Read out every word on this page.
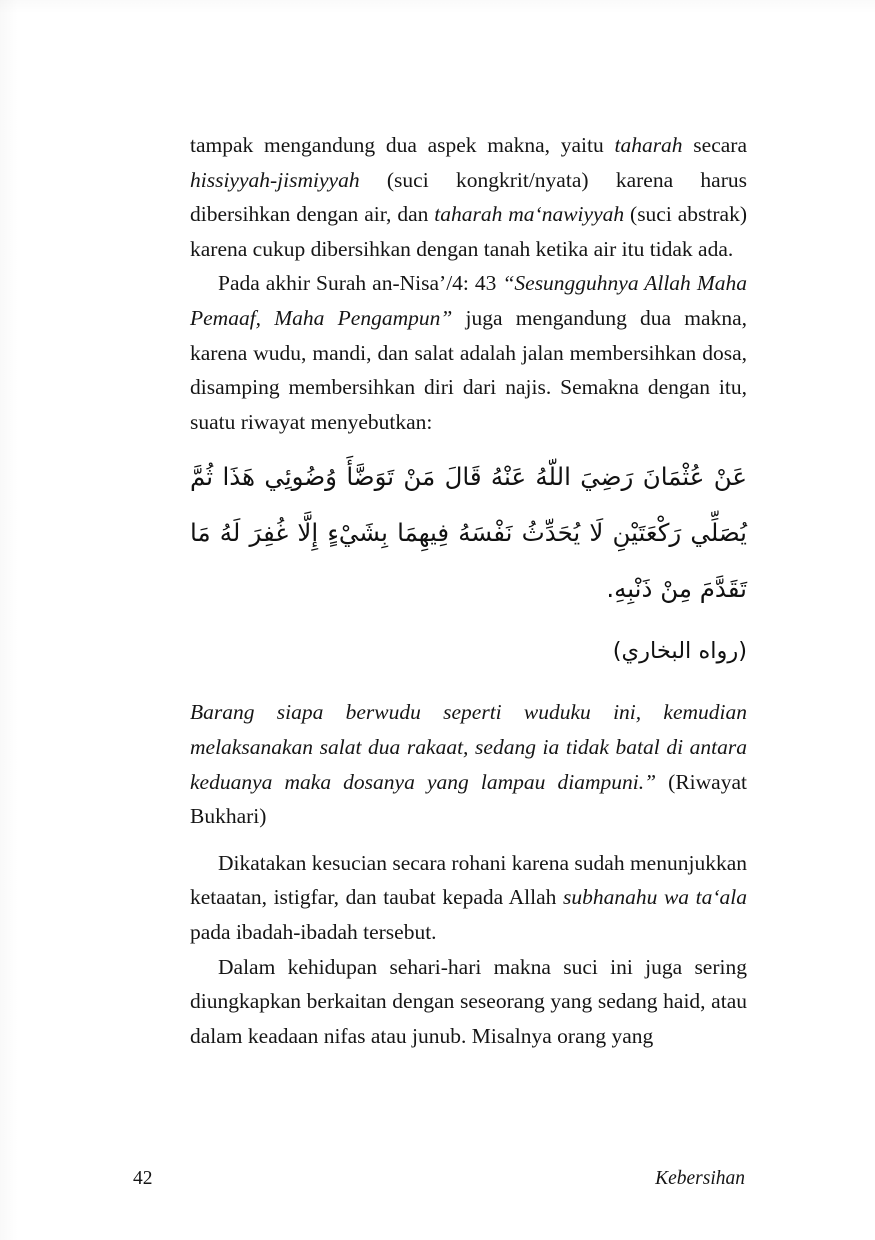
tampak mengandung dua aspek makna, yaitu taharah secara hissiyyah-jismiyyah (suci kongkrit/nyata) karena harus dibersihkan dengan air, dan taharah ma‘nawiyyah (suci abstrak) karena cukup dibersihkan dengan tanah ketika air itu tidak ada.

Pada akhir Surah an-Nisa’/4: 43 “Sesungguhnya Allah Maha Pemaaf, Maha Pengampun” juga mengandung dua makna, karena wudu, mandi, dan salat adalah jalan membersihkan dosa, disamping membersihkan diri dari najis. Semakna dengan itu, suatu riwayat menyebutkan:

عَنْ عُثْمَانَ رَضِيَ اللّهُ عَنْهُ قَالَ مَنْ تَوَضَّأَ وُضُوئِي هَذَا ثُمَّ يُصَلِّي رَكْعَتَيْنِ لَا يُحَدِّثُ نَفْسَهُ فِيهِمَا بِشَيْءٍ إِلَّا غُفِرَ لَهُ مَا تَقَدَّمَ مِنْ ذَنْبِهِ.

(رواه البخاري)

Barang siapa berwudu seperti wuduku ini, kemudian melaksanakan salat dua rakaat, sedang ia tidak batal di antara keduanya maka dosanya yang lampau diampuni.” (Riwayat Bukhari)

Dikatakan kesucian secara rohani karena sudah menunjukkan ketaatan, istigfar, dan taubat kepada Allah subhanahu wa ta‘ala pada ibadah-ibadah tersebut.

Dalam kehidupan sehari-hari makna suci ini juga sering diungkapkan berkaitan dengan seseorang yang sedang haid, atau dalam keadaan nifas atau junub. Misalnya orang yang

42	Kebersihan
